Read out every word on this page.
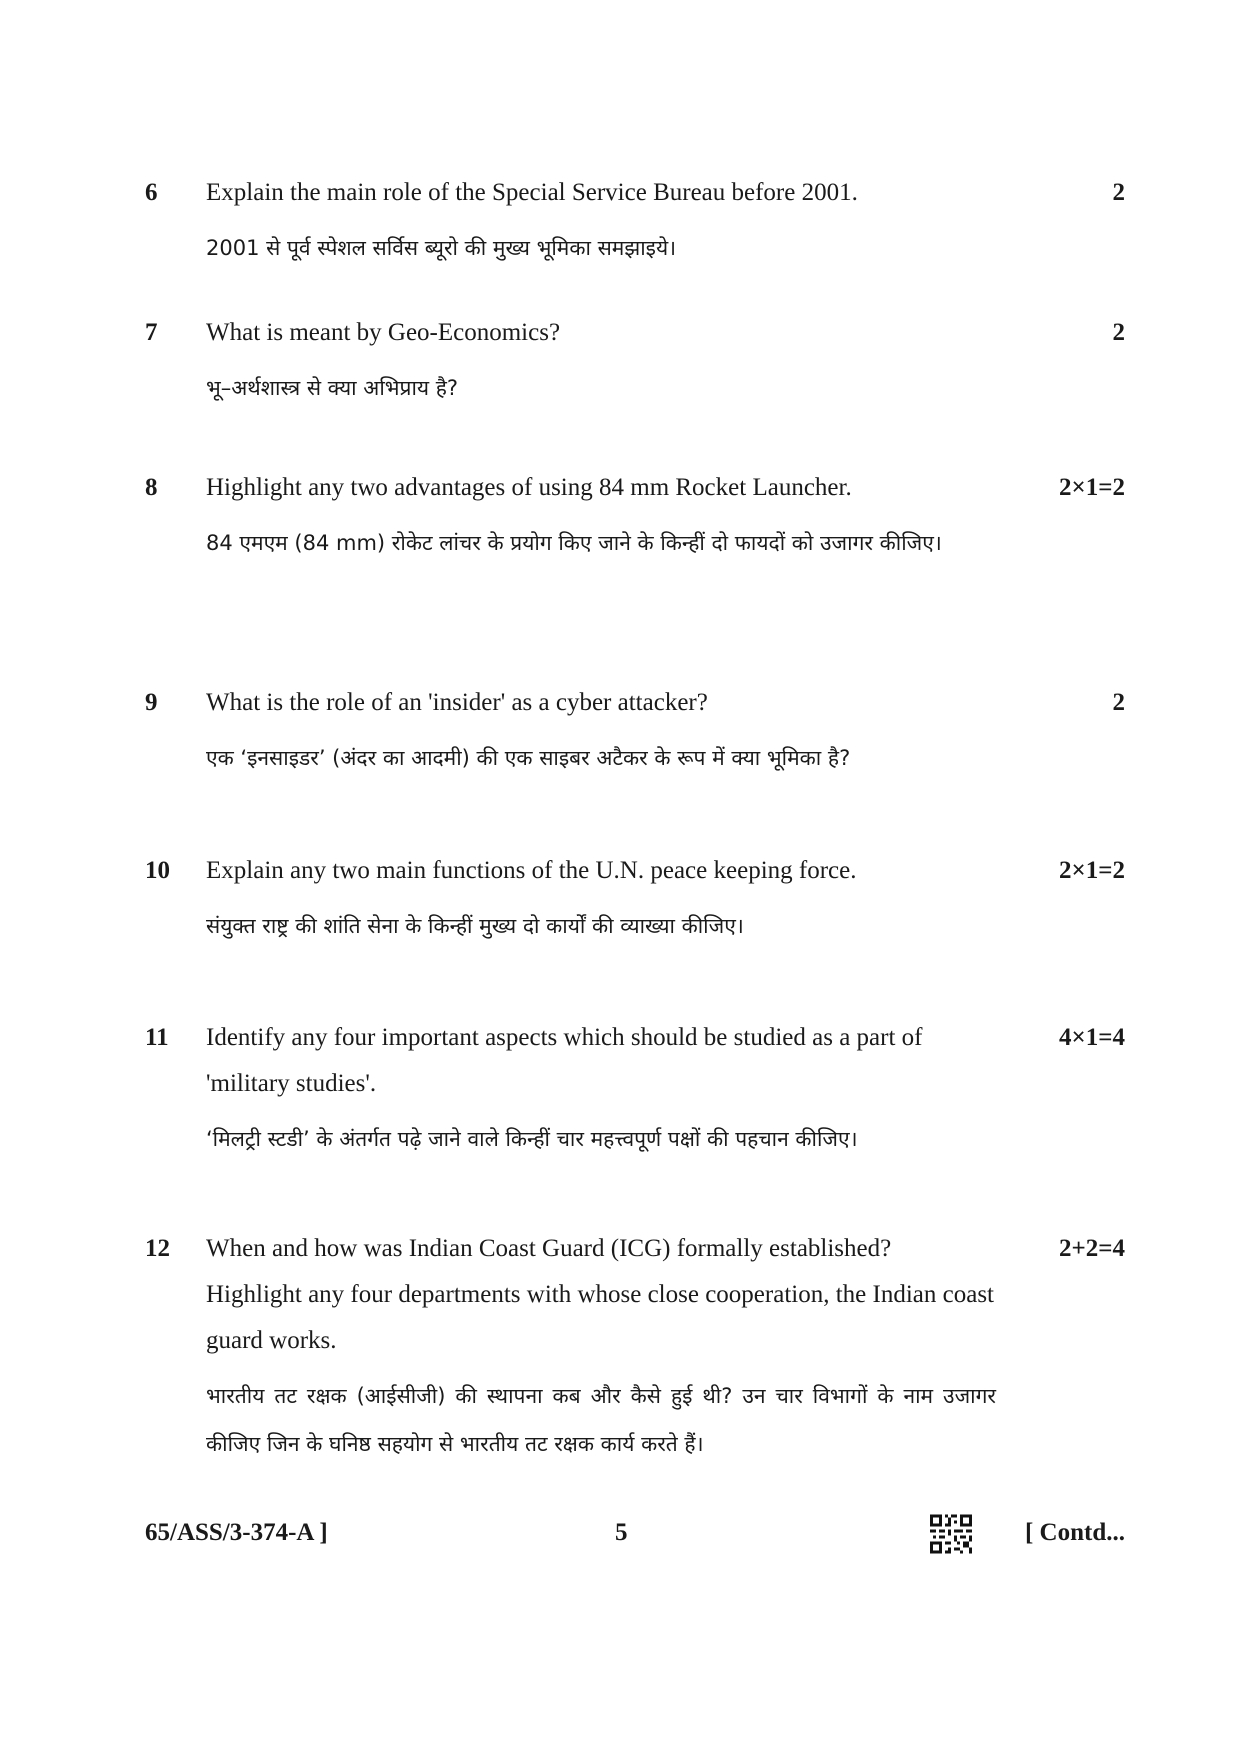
6	Explain the main role of the Special Service Bureau before 2001.

2001 से पूर्व स्पेशल सर्विस ब्यूरो की मुख्य भूमिका समझाइये।

2
7	What is meant by Geo-Economics?

भू–अर्थशास्त्र से क्या अभिप्राय है?

2
8	Highlight any two advantages of using 84 mm Rocket Launcher.

84 एमएम (84 mm) रोकेट लांचर के प्रयोग किए जाने के किन्हीं दो फायदों को उजागर कीजिए।

2×1=2
9	What is the role of an 'insider' as a cyber attacker?

एक ‘इनसाइडर’ (अंदर का आदमी) की एक साइबर अटैकर के रूप में क्या भूमिका है?

2
10	Explain any two main functions of the U.N. peace keeping force.

संयुक्त राष्ट्र की शांति सेना के किन्हीं मुख्य दो कार्यों की व्याख्या कीजिए।

2×1=2
11	Identify any four important aspects which should be studied as a part of 'military studies'.

‘मिलट्री स्टडी’ के अंतर्गत पढ़े जाने वाले किन्हीं चार महत्त्वपूर्ण पक्षों की पहचान कीजिए।

4×1=4
12	When and how was Indian Coast Guard (ICG) formally established?

Highlight any four departments with whose close cooperation, the Indian coast guard works.

भारतीय तट रक्षक (आईसीजी) की स्थापना कब और कैसे हुई थी? उन चार विभागों के नाम उजागर कीजिए जिन के घनिष्ठ सहयोग से भारतीय तट रक्षक कार्य करते हैं।

2+2=4
65/ASS/3-374-A ]	5	[ Contd...
